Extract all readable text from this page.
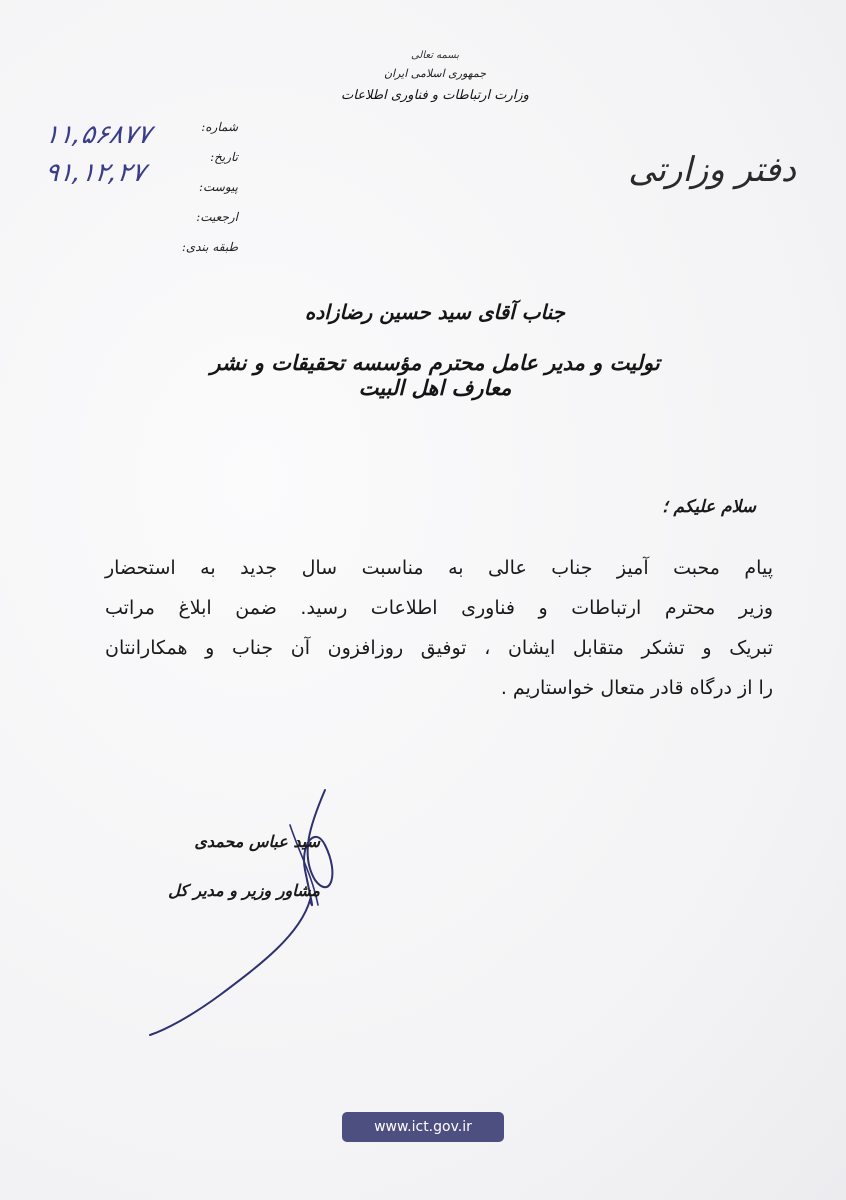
بسمه تعالی
جمهوری اسلامی ایران
وزارت ارتباطات و فناوری اطلاعات
دفتر وزارتی
شماره:
تاریخ:
پیوست:
ارجعیت:
طبقه بندی:
۱۱,۵۶۸۷۷
۹۱,۱۲,۲۷
جناب آقای سید حسین رضازاده
تولیت و مدیر عامل محترم مؤسسه تحقیقات و نشر معارف اهل البیت
سلام علیکم ؛
پیام محبت آمیز جناب عالی به مناسبت سال جدید به استحضار
وزیر محترم ارتباطات و فناوری اطلاعات رسید. ضمن ابلاغ مراتب
تبریک و تشکر متقابل ایشان ، توفیق روزافزون آن جناب و همکارانتان
را از درگاه قادر متعال خواستاریم .
سید عباس محمدی
مشاور وزیر و مدیر کل
www.ict.gov.ir
